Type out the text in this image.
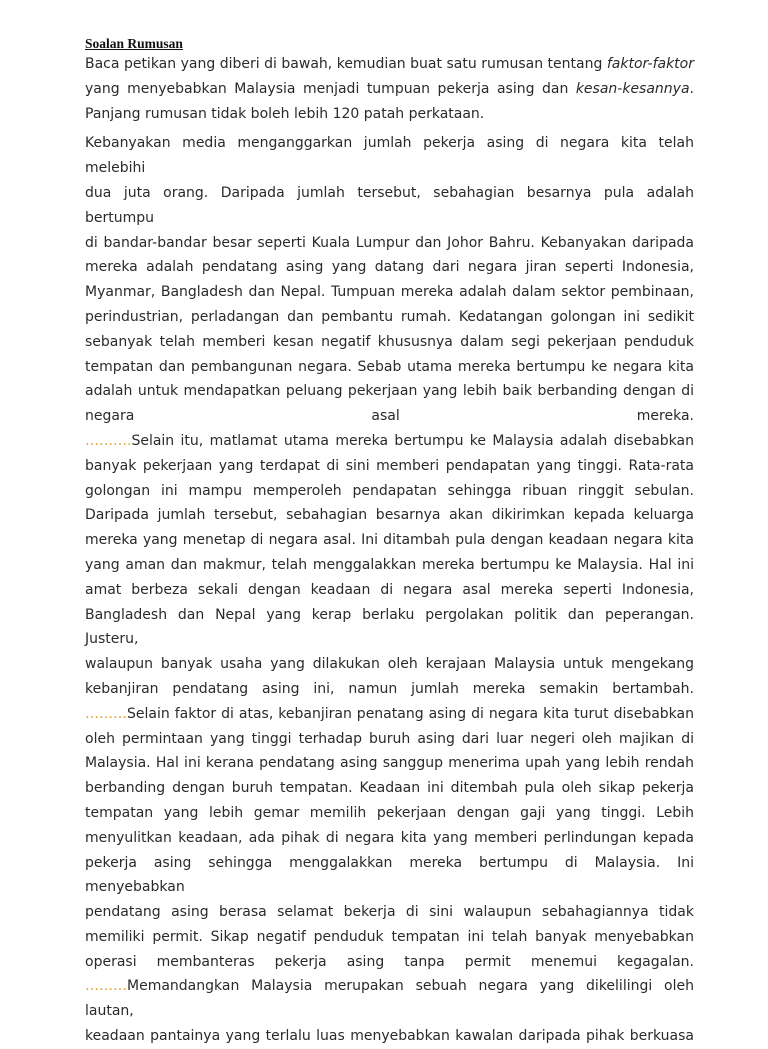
Soalan Rumusan
Baca petikan yang diberi di bawah, kemudian buat satu rumusan tentang faktor-faktor
yang menyebabkan Malaysia menjadi tumpuan pekerja asing dan kesan-kesannya.
Panjang rumusan tidak boleh lebih 120 patah perkataan.
Kebanyakan media menganggarkan jumlah pekerja asing di negara kita telah melebihi
dua juta orang. Daripada jumlah tersebut, sebahagian besarnya pula adalah bertumpu
di bandar-bandar besar seperti Kuala Lumpur dan Johor Bahru. Kebanyakan daripada
mereka adalah pendatang asing yang datang dari negara jiran seperti Indonesia,
Myanmar, Bangladesh dan Nepal. Tumpuan mereka adalah dalam sektor pembinaan,
perindustrian, perladangan dan pembantu rumah. Kedatangan golongan ini sedikit
sebanyak telah memberi kesan negatif khususnya dalam segi pekerjaan penduduk
tempatan dan pembangunan negara. Sebab utama mereka bertumpu ke negara kita
adalah untuk mendapatkan peluang pekerjaan yang lebih baik berbanding dengan di
negara asal mereka.
……….Selain itu, matlamat utama mereka bertumpu ke Malaysia adalah disebabkan
banyak pekerjaan yang terdapat di sini memberi pendapatan yang tinggi. Rata-rata
golongan ini mampu memperoleh pendapatan sehingga ribuan ringgit sebulan.
Daripada jumlah tersebut, sebahagian besarnya akan dikirimkan kepada keluarga
mereka yang menetap di negara asal. Ini ditambah pula dengan keadaan negara kita
yang aman dan makmur, telah menggalakkan mereka bertumpu ke Malaysia. Hal ini
amat berbeza sekali dengan keadaan di negara asal mereka seperti Indonesia,
Bangladesh dan Nepal yang kerap berlaku pergolakan politik dan peperangan. Justeru,
walaupun banyak usaha yang dilakukan oleh kerajaan Malaysia untuk mengekang
kebanjiran pendatang asing ini, namun jumlah mereka semakin bertambah.
………Selain faktor di atas, kebanjiran penatang asing di negara kita turut disebabkan
oleh permintaan yang tinggi terhadap buruh asing dari luar negeri oleh majikan di
Malaysia. Hal ini kerana pendatang asing sanggup menerima upah yang lebih rendah
berbanding dengan buruh tempatan. Keadaan ini ditembah pula oleh sikap pekerja
tempatan yang lebih gemar memilih pekerjaan dengan gaji yang tinggi. Lebih
menyulitkan keadaan, ada pihak di negara kita yang memberi perlindungan kepada
pekerja asing sehingga menggalakkan mereka bertumpu di Malaysia. Ini menyebabkan
pendatang asing berasa selamat bekerja di sini walaupun sebahagiannya tidak
memiliki permit. Sikap negatif penduduk tempatan ini telah banyak menyebabkan
operasi membanteras pekerja asing tanpa permit menemui kegagalan.
………Memandangkan Malaysia merupakan sebuah negara yang dikelilingi oleh lautan,
keadaan pantainya yang terlalu luas menyebabkan kawalan daripada pihak berkuasa
